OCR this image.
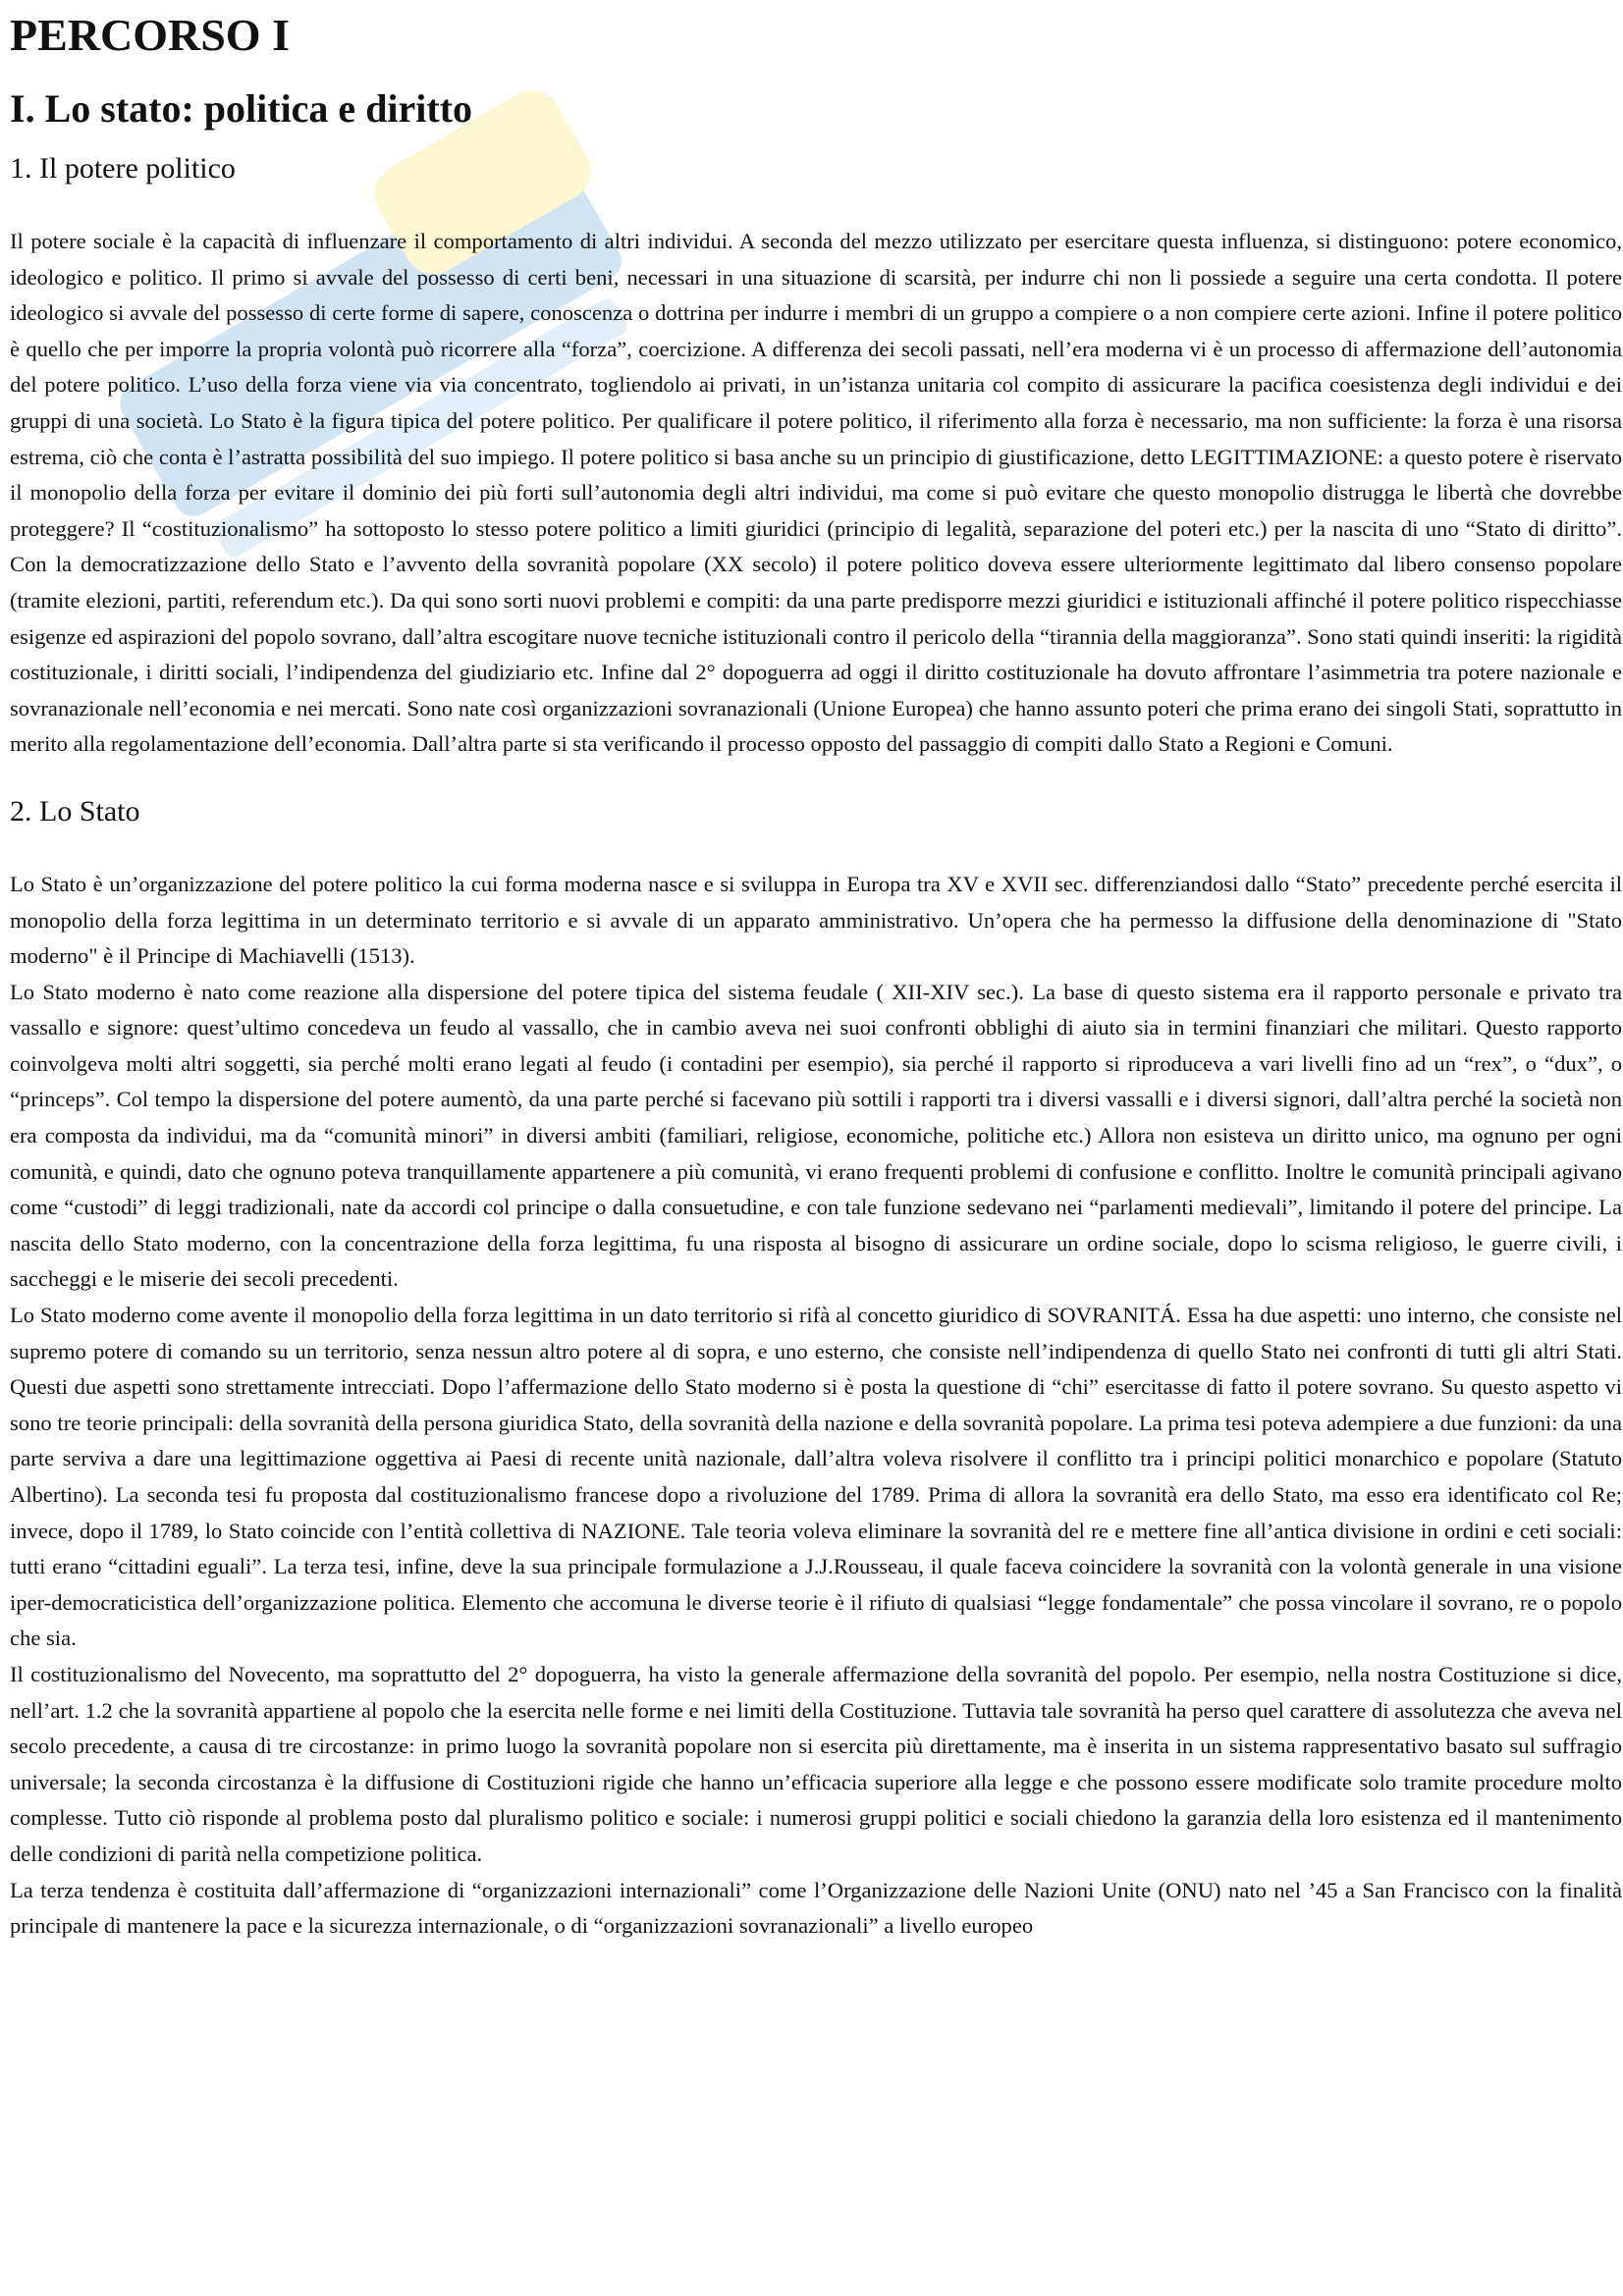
PERCORSO I
I. Lo stato: politica e diritto
1. Il potere politico

Il potere sociale è la capacità di influenzare il comportamento di altri individui. A seconda del mezzo utilizzato per esercitare questa influenza, si distinguono: potere economico, ideologico e politico. Il primo si avvale del possesso di certi beni, necessari in una situazione di scarsità, per indurre chi non li possiede a seguire una certa condotta. Il potere ideologico si avvale del possesso di certe forme di sapere, conoscenza o dottrina per indurre i membri di un gruppo a compiere o a non compiere certe azioni. Infine il potere politico è quello che per imporre la propria volontà può ricorrere alla “forza”, coercizione. A differenza dei secoli passati, nell’era moderna vi è un processo di affermazione dell’autonomia del potere politico. L’uso della forza viene via via concentrato, togliendolo ai privati, in un’istanza unitaria col compito di assicurare la pacifica coesistenza degli individui e dei gruppi di una società. Lo Stato è la figura tipica del potere politico. Per qualificare il potere politico, il riferimento alla forza è necessario, ma non sufficiente: la forza è una risorsa estrema, ciò che conta è l’astratta possibilità del suo impiego. Il potere politico si basa anche su un principio di giustificazione, detto LEGITTIMAZIONE: a questo potere è riservato il monopolio della forza per evitare il dominio dei più forti sull’autonomia degli altri individui, ma come si può evitare che questo monopolio distrugga le libertà che dovrebbe proteggere? Il “costituzionalismo” ha sottoposto lo stesso potere politico a limiti giuridici (principio di legalità, separazione del poteri etc.) per la nascita di uno “Stato di diritto”. Con la democratizzazione dello Stato e l’avvento della sovranità popolare (XX secolo) il potere politico doveva essere ulteriormente legittimato dal libero consenso popolare (tramite elezioni, partiti, referendum etc.). Da qui sono sorti nuovi problemi e compiti: da una parte predisporre mezzi giuridici e istituzionali affinché il potere politico rispecchiasse esigenze ed aspirazioni del popolo sovrano, dall’altra escogitare nuove tecniche istituzionali contro il pericolo della “tirannia della maggioranza”. Sono stati quindi inseriti: la rigidità costituzionale, i diritti sociali, l’indipendenza del giudiziario etc. Infine dal 2° dopoguerra ad oggi il diritto costituzionale ha dovuto affrontare l’asimmetria tra potere nazionale e sovranazionale nell’economia e nei mercati. Sono nate così organizzazioni sovranazionali (Unione Europea) che hanno assunto poteri che prima erano dei singoli Stati, soprattutto in merito alla regolamentazione dell’economia. Dall’altra parte si sta verificando il processo opposto del passaggio di compiti dallo Stato a Regioni e Comuni.

2. Lo Stato

Lo Stato è un’organizzazione del potere politico la cui forma moderna nasce e si sviluppa in Europa tra XV e XVII sec. differenziandosi dallo “Stato” precedente perché esercita il monopolio della forza legittima in un determinato territorio e si avvale di un apparato amministrativo. Un’opera che ha permesso la diffusione della denominazione di "Stato moderno" è il Principe di Machiavelli (1513).

Lo Stato moderno è nato come reazione alla dispersione del potere tipica del sistema feudale ( XII-XIV sec.). La base di questo sistema era il rapporto personale e privato tra vassallo e signore: quest’ultimo concedeva un feudo al vassallo, che in cambio aveva nei suoi confronti obblighi di aiuto sia in termini finanziari che militari. Questo rapporto coinvolgeva molti altri soggetti, sia perché molti erano legati al feudo (i contadini per esempio), sia perché il rapporto si riproduceva a vari livelli fino ad un “rex”, o “dux”, o “princeps”. Col tempo la dispersione del potere aumentò, da una parte perché si facevano più sottili i rapporti tra i diversi vassalli e i diversi signori, dall’altra perché la società non era composta da individui, ma da “comunità minori” in diversi ambiti (familiari, religiose, economiche, politiche etc.) Allora non esisteva un diritto unico, ma ognuno per ogni comunità, e quindi, dato che ognuno poteva tranquillamente appartenere a più comunità, vi erano frequenti problemi di confusione e conflitto. Inoltre le comunità principali agivano come “custodi” di leggi tradizionali, nate da accordi col principe o dalla consuetudine, e con tale funzione sedevano nei “parlamenti medievali”, limitando il potere del principe. La nascita dello Stato moderno, con la concentrazione della forza legittima, fu una risposta al bisogno di assicurare un ordine sociale, dopo lo scisma religioso, le guerre civili, i saccheggi e le miserie dei secoli precedenti.

Lo Stato moderno come avente il monopolio della forza legittima in un dato territorio si rifà al concetto giuridico di SOVRANITÁ. Essa ha due aspetti: uno interno, che consiste nel supremo potere di comando su un territorio, senza nessun altro potere al di sopra, e uno esterno, che consiste nell’indipendenza di quello Stato nei confronti di tutti gli altri Stati. Questi due aspetti sono strettamente intrecciati. Dopo l’affermazione dello Stato moderno si è posta la questione di “chi” esercitasse di fatto il potere sovrano. Su questo aspetto vi sono tre teorie principali: della sovranità della persona giuridica Stato, della sovranità della nazione e della sovranità popolare. La prima tesi poteva adempiere a due funzioni: da una parte serviva a dare una legittimazione oggettiva ai Paesi di recente unità nazionale, dall’altra voleva risolvere il conflitto tra i principi politici monarchico e popolare (Statuto Albertino). La seconda tesi fu proposta dal costituzionalismo francese dopo a rivoluzione del 1789. Prima di allora la sovranità era dello Stato, ma esso era identificato col Re; invece, dopo il 1789, lo Stato coincide con l’entità collettiva di NAZIONE. Tale teoria voleva eliminare la sovranità del re e mettere fine all’antica divisione in ordini e ceti sociali: tutti erano “cittadini eguali”. La terza tesi, infine, deve la sua principale formulazione a J.J.Rousseau, il quale faceva coincidere la sovranità con la volontà generale in una visione iper-democraticistica dell’organizzazione politica. Elemento che accomuna le diverse teorie è il rifiuto di qualsiasi “legge fondamentale” che possa vincolare il sovrano, re o popolo che sia.

Il costituzionalismo del Novecento, ma soprattutto del 2° dopoguerra, ha visto la generale affermazione della sovranità del popolo. Per esempio, nella nostra Costituzione si dice, nell’art. 1.2 che la sovranità appartiene al popolo che la esercita nelle forme e nei limiti della Costituzione. Tuttavia tale sovranità ha perso quel carattere di assolutezza che aveva nel secolo precedente, a causa di tre circostanze: in primo luogo la sovranità popolare non si esercita più direttamente, ma è inserita in un sistema rappresentativo basato sul suffragio universale; la seconda circostanza è la diffusione di Costituzioni rigide che hanno un’efficacia superiore alla legge e che possono essere modificate solo tramite procedure molto complesse. Tutto ciò risponde al problema posto dal pluralismo politico e sociale: i numerosi gruppi politici e sociali chiedono la garanzia della loro esistenza ed il mantenimento delle condizioni di parità nella competizione politica.

La terza tendenza è costituita dall’affermazione di “organizzazioni internazionali” come l’Organizzazione delle Nazioni Unite (ONU) nato nel ’45 a San Francisco con la finalità principale di mantenere la pace e la sicurezza internazionale, o di “organizzazioni sovranazionali” a livello europeo
